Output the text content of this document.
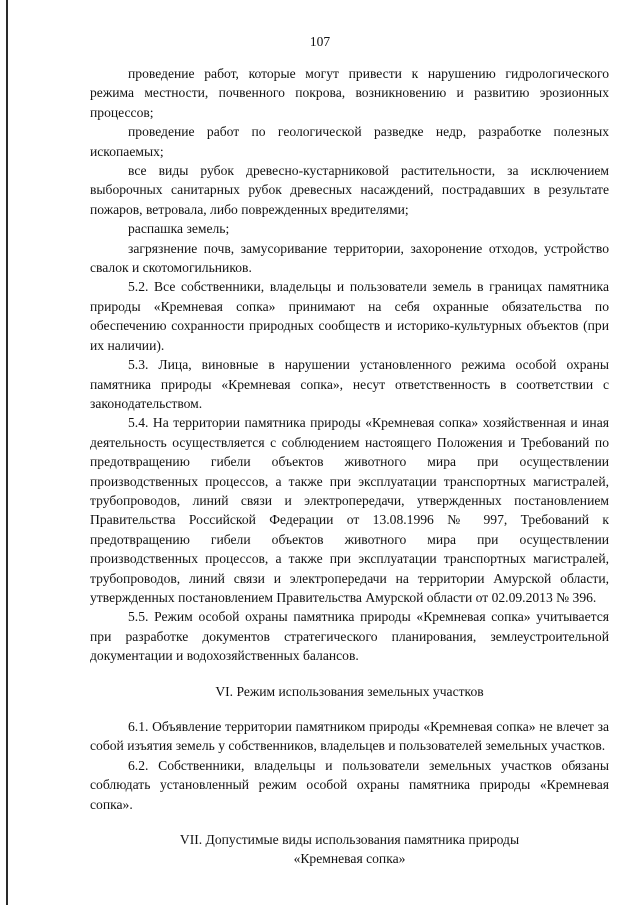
107

проведение работ, которые могут привести к нарушению гидрологического режима местности, почвенного покрова, возникновению и развитию эрозионных процессов;

проведение работ по геологической разведке недр, разработке полезных ископаемых;

все виды рубок древесно-кустарниковой растительности, за исключением выборочных санитарных рубок древесных насаждений, пострадавших в результате пожаров, ветровала, либо поврежденных вредителями;

распашка земель;

загрязнение почв, замусоривание территории, захоронение отходов, устройство свалок и скотомогильников.

5.2. Все собственники, владельцы и пользователи земель в границах памятника природы «Кремневая сопка» принимают на себя охранные обязательства по обеспечению сохранности природных сообществ и историко-культурных объектов (при их наличии).

5.3. Лица, виновные в нарушении установленного режима особой охраны памятника природы «Кремневая сопка», несут ответственность в соответствии с законодательством.

5.4. На территории памятника природы «Кремневая сопка» хозяйственная и иная деятельность осуществляется с соблюдением настоящего Положения и Требований по предотвращению гибели объектов животного мира при осуществлении производственных процессов, а также при эксплуатации транспортных магистралей, трубопроводов, линий связи и электропередачи, утвержденных постановлением Правительства Российской Федерации от 13.08.1996 № 997, Требований к предотвращению гибели объектов животного мира при осуществлении производственных процессов, а также при эксплуатации транспортных магистралей, трубопроводов, линий связи и электропередачи на территории Амурской области, утвержденных постановлением Правительства Амурской области от 02.09.2013 № 396.

5.5. Режим особой охраны памятника природы «Кремневая сопка» учитывается при разработке документов стратегического планирования, землеустроительной документации и водохозяйственных балансов.

VI. Режим использования земельных участков

6.1. Объявление территории памятником природы «Кремневая сопка» не влечет за собой изъятия земель у собственников, владельцев и пользователей земельных участков.

6.2. Собственники, владельцы и пользователи земельных участков обязаны соблюдать установленный режим особой охраны памятника природы «Кремневая сопка».

VII. Допустимые виды использования памятника природы
«Кремневая сопка»
